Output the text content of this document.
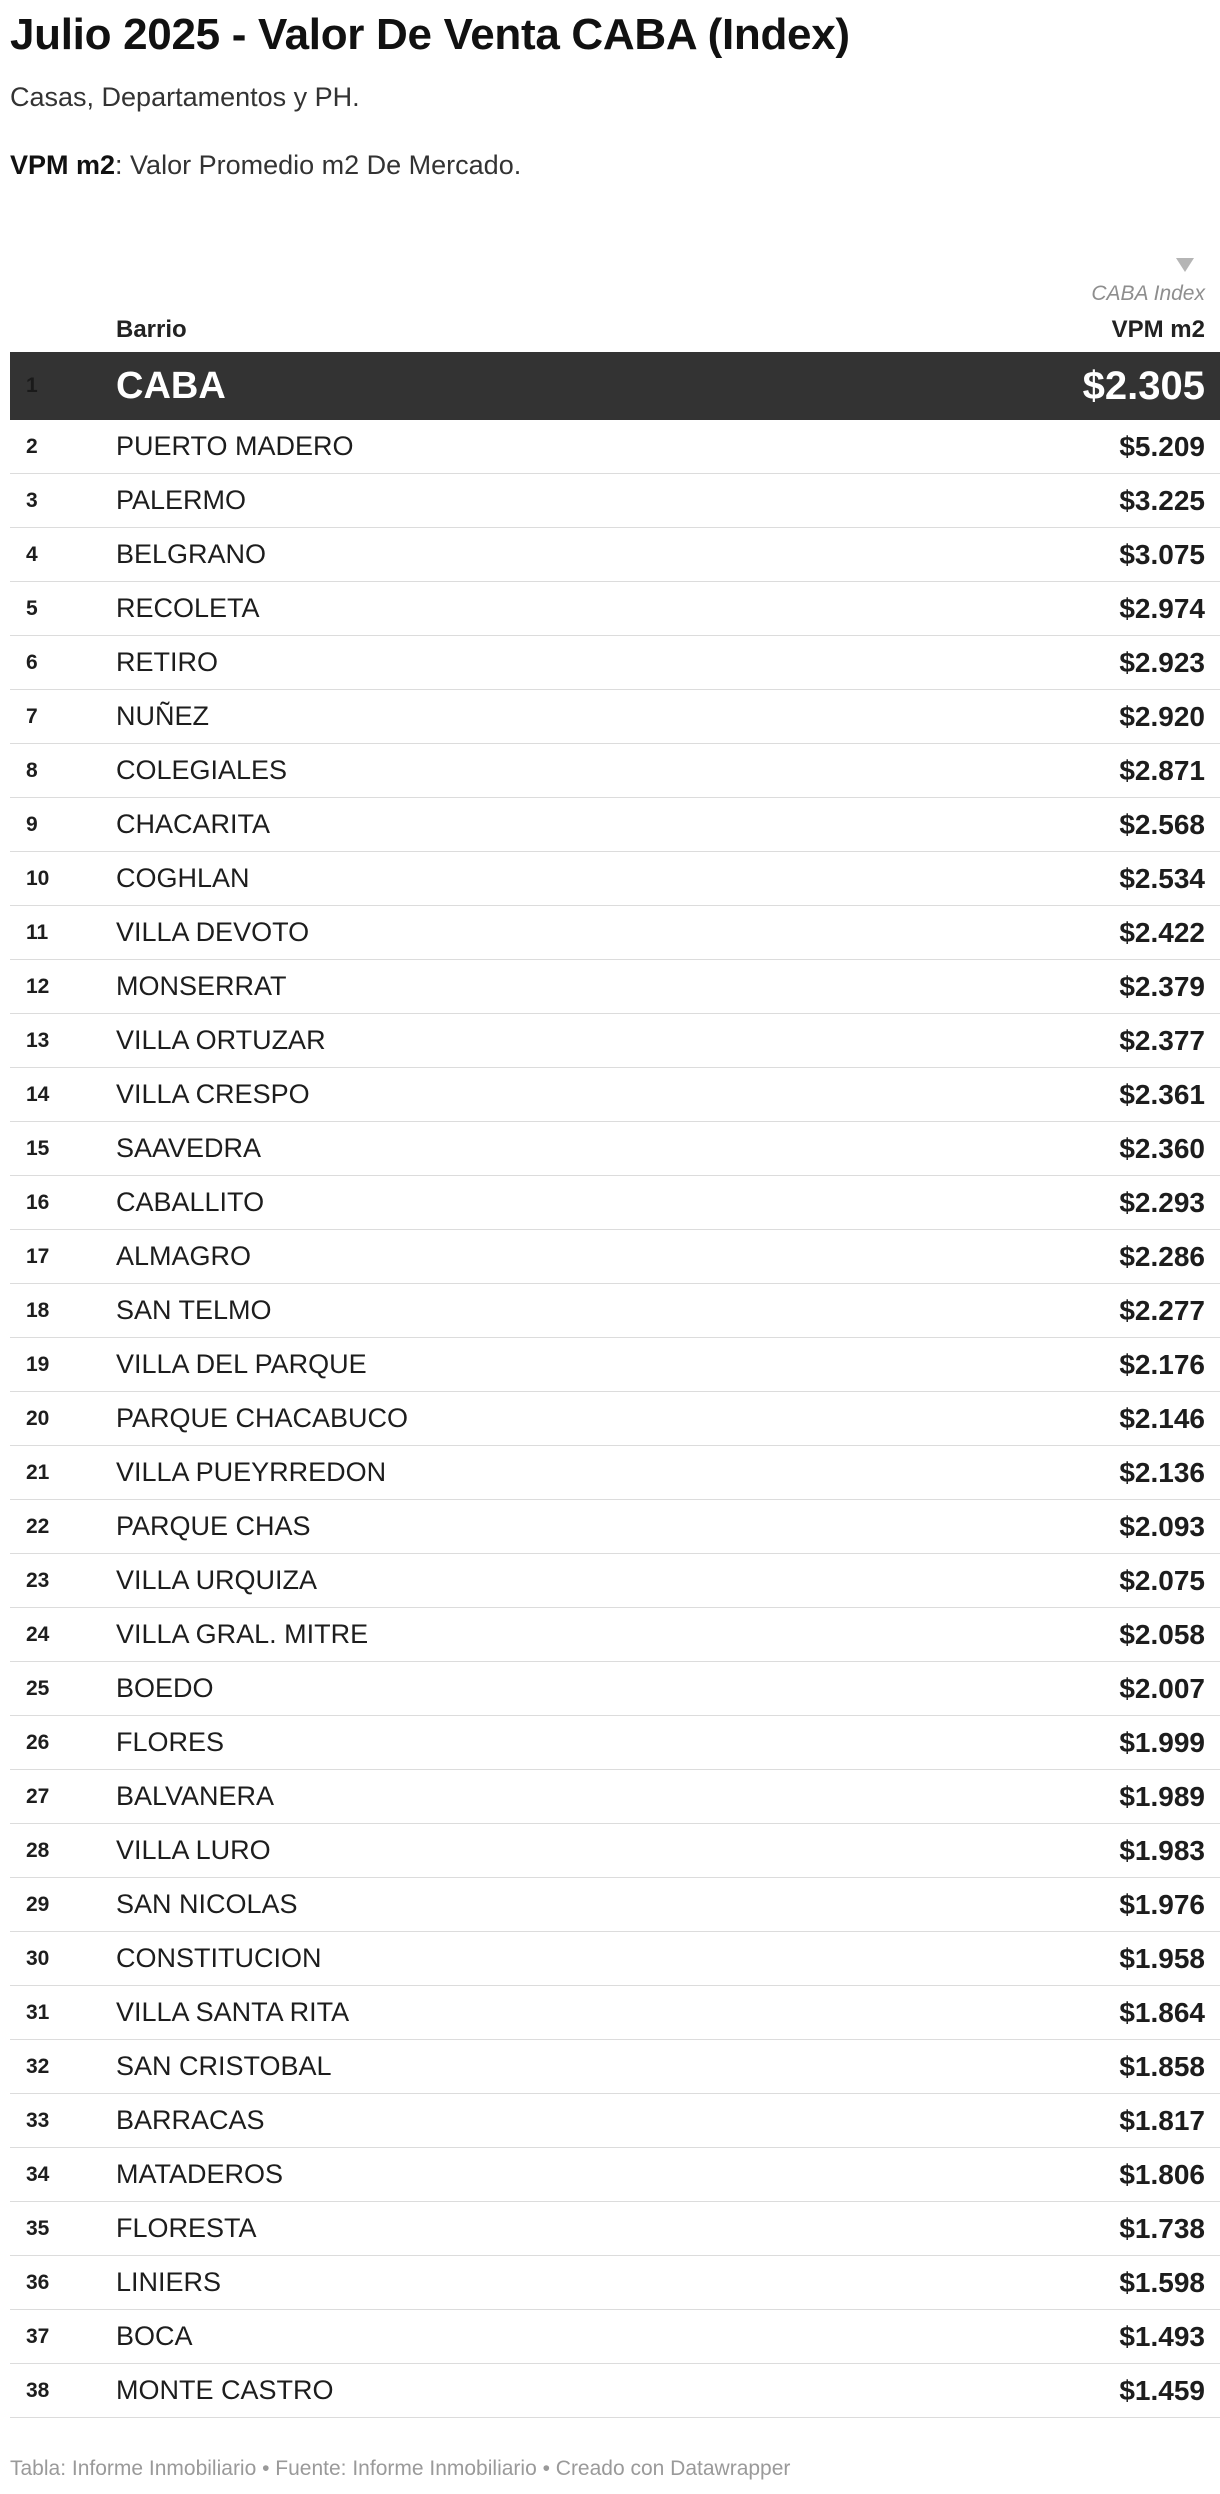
Julio 2025 - Valor De Venta CABA (Index)
Casas, Departamentos y PH.
VPM m2: Valor Promedio m2 De Mercado.
CABA Index
Barrio	VPM m2
1 CABA	$2.305
2	PUERTO MADERO	$5.209
3	PALERMO	$3.225
4	BELGRANO	$3.075
5	RECOLETA	$2.974
6	RETIRO	$2.923
7	NUÑEZ	$2.920
8	COLEGIALES	$2.871
9	CHACARITA	$2.568
10 COGHLAN	$2.534
11	VILLA DEVOTO	$2.422
12 MONSERRAT	$2.379
13 VILLA ORTUZAR	$2.377
14 VILLA CRESPO	$2.361
15 SAAVEDRA	$2.360
16 CABALLITO	$2.293
17 ALMAGRO	$2.286
18 SAN TELMO	$2.277
19 VILLA DEL PARQUE	$2.176
20 PARQUE CHACABUCO	$2.146
21 VILLA PUEYRREDON	$2.136
22 PARQUE CHAS	$2.093
23 VILLA URQUIZA	$2.075
24 VILLA GRAL. MITRE	$2.058
25 BOEDO	$2.007
26 FLORES	$1.999
27 BALVANERA	$1.989
28 VILLA LURO	$1.983
29 SAN NICOLAS	$1.976
30 CONSTITUCION	$1.958
31 VILLA SANTA RITA	$1.864
32 SAN CRISTOBAL	$1.858
33 BARRACAS	$1.817
34 MATADEROS	$1.806
35 FLORESTA	$1.738
36 LINIERS	$1.598
37 BOCA	$1.493
38 MONTE CASTRO	$1.459
Tabla: Informe Inmobiliario • Fuente: Informe Inmobiliario • Creado con Datawrapper
